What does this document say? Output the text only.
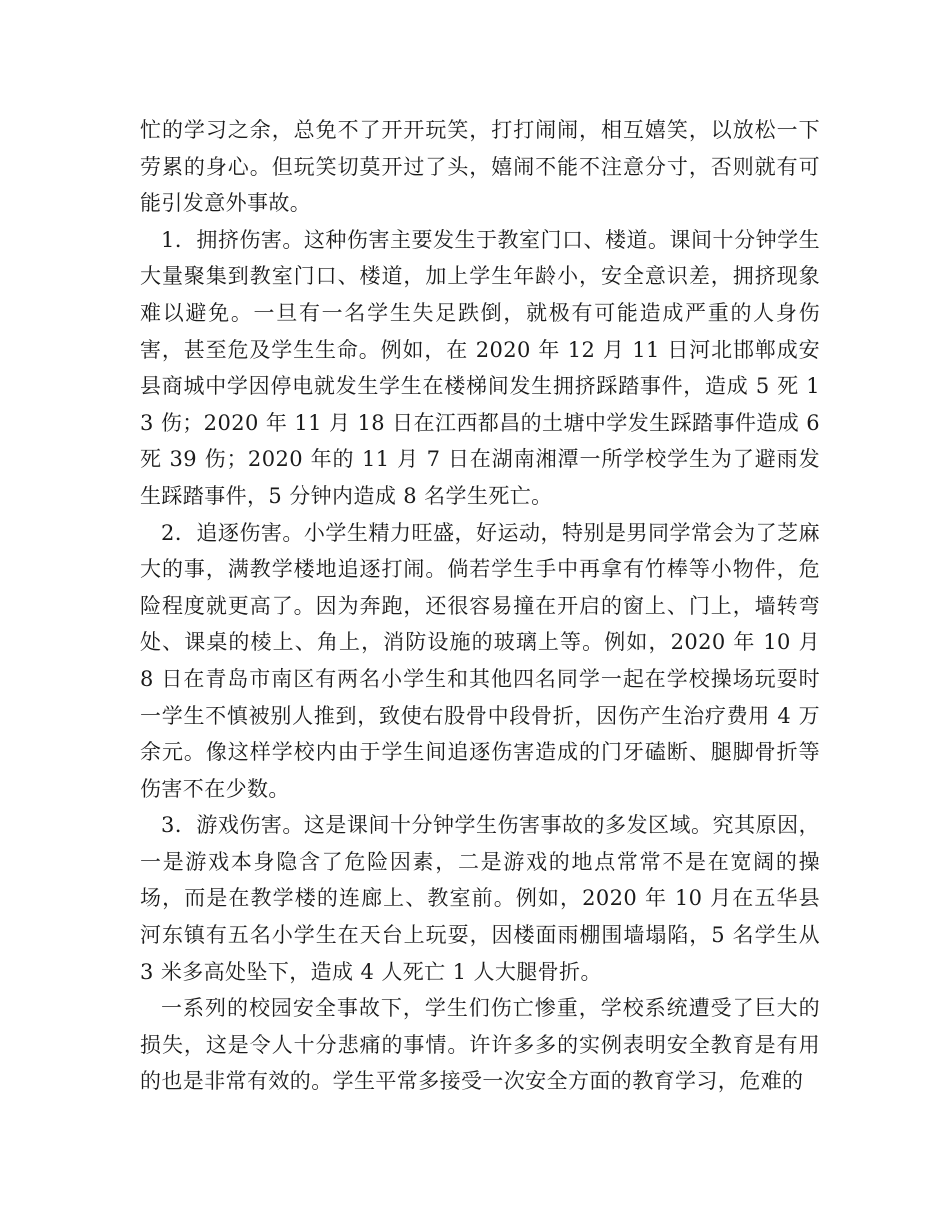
忙的学习之余，总免不了开开玩笑，打打闹闹，相互嬉笑，以放松一下劳累的身心。但玩笑切莫开过了头，嬉闹不能不注意分寸，否则就有可能引发意外事故。

1．拥挤伤害。这种伤害主要发生于教室门口、楼道。课间十分钟学生大量聚集到教室门口、楼道，加上学生年龄小，安全意识差，拥挤现象难以避免。一旦有一名学生失足跌倒，就极有可能造成严重的人身伤害，甚至危及学生生命。例如，在 2020 年 12 月 11 日河北邯郸成安县商城中学因停电就发生学生在楼梯间发生拥挤踩踏事件，造成 5 死 13 伤；2020 年 11 月 18 日在江西都昌的土塘中学发生踩踏事件造成 6 死 39 伤；2020 年的 11 月 7 日在湖南湘潭一所学校学生为了避雨发生踩踏事件，5 分钟内造成 8 名学生死亡。

2．追逐伤害。小学生精力旺盛，好运动，特别是男同学常会为了芝麻大的事，满教学楼地追逐打闹。倘若学生手中再拿有竹棒等小物件，危险程度就更高了。因为奔跑，还很容易撞在开启的窗上、门上，墙转弯处、课桌的棱上、角上，消防设施的玻璃上等。例如，2020 年 10 月 8 日在青岛市南区有两名小学生和其他四名同学一起在学校操场玩耍时一学生不慎被别人推到，致使右股骨中段骨折，因伤产生治疗费用 4 万余元。像这样学校内由于学生间追逐伤害造成的门牙磕断、腿脚骨折等伤害不在少数。

3．游戏伤害。这是课间十分钟学生伤害事故的多发区域。究其原因，一是游戏本身隐含了危险因素，二是游戏的地点常常不是在宽阔的操场，而是在教学楼的连廊上、教室前。例如，2020 年 10 月在五华县河东镇有五名小学生在天台上玩耍，因楼面雨棚围墙塌陷，5 名学生从 3 米多高处坠下，造成 4 人死亡 1 人大腿骨折。

一系列的校园安全事故下，学生们伤亡惨重，学校系统遭受了巨大的损失，这是令人十分悲痛的事情。许许多多的实例表明安全教育是有用的也是非常有效的。学生平常多接受一次安全方面的教育学习，危难的
